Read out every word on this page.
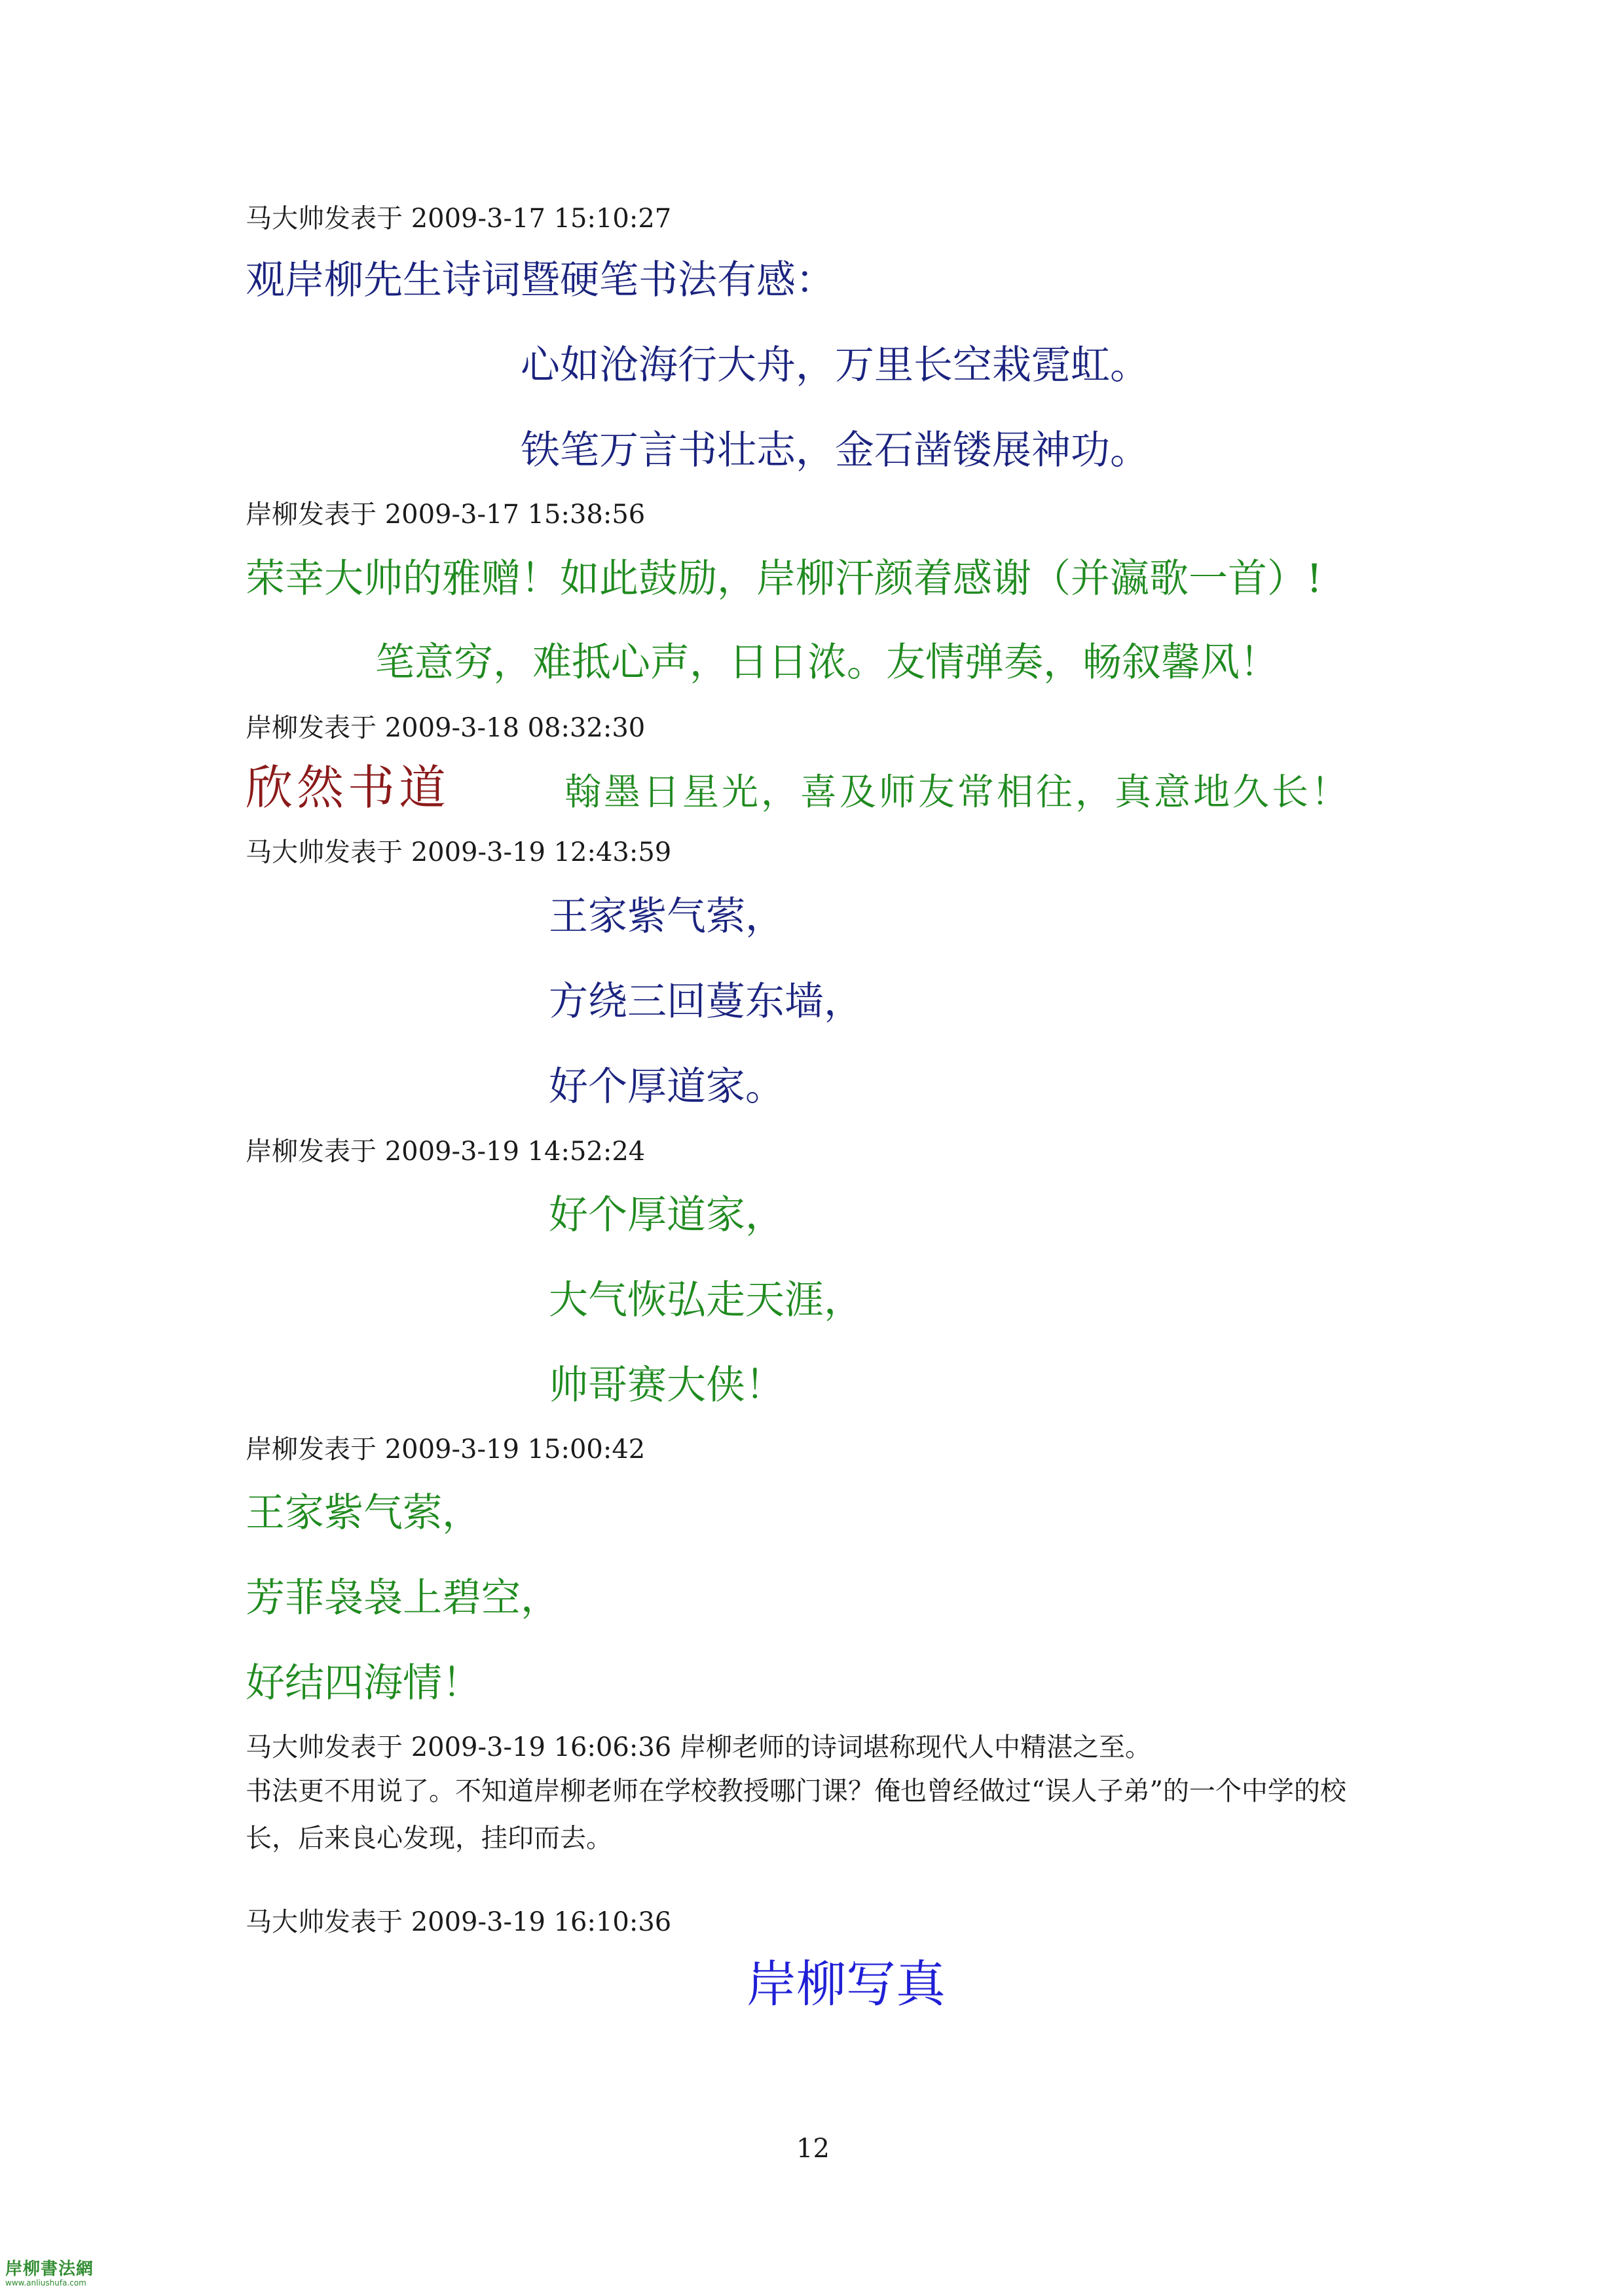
马大帅发表于 2009-3-17 15:10:27
观岸柳先生诗词暨硬笔书法有感：
心如沧海行大舟，万里长空栽霓虹。
铁笔万言书壮志，金石凿镂展神功。
岸柳发表于 2009-3-17 15:38:56
荣幸大帅的雅赠！如此鼓励，岸柳汗颜着感谢（并瀛歌一首）!
笔意穷，难抵心声，日日浓。友情弹奏，畅叙馨风！
岸柳发表于 2009-3-18 08:32:30
欣然书道	翰墨日星光，喜及师友常相往，真意地久长！
马大帅发表于 2009-3-19 12:43:59
王家紫气萦，
方绕三回蔓东墙，
好个厚道家。
岸柳发表于 2009-3-19 14:52:24
好个厚道家，
大气恢弘走天涯，
帅哥赛大侠！
岸柳发表于 2009-3-19 15:00:42
王家紫气萦，
芳菲袅袅上碧空，
好结四海情！
马大帅发表于 2009-3-19 16:06:36 岸柳老师的诗词堪称现代人中精湛之至。
书法更不用说了。不知道岸柳老师在学校教授哪门课？俺也曾经做过“误人子弟”的一个中学的校
长，后来良心发现，挂印而去。
马大帅发表于 2009-3-19 16:10:36
岸柳写真
12
岸柳書法網
www.anliushufa.com
